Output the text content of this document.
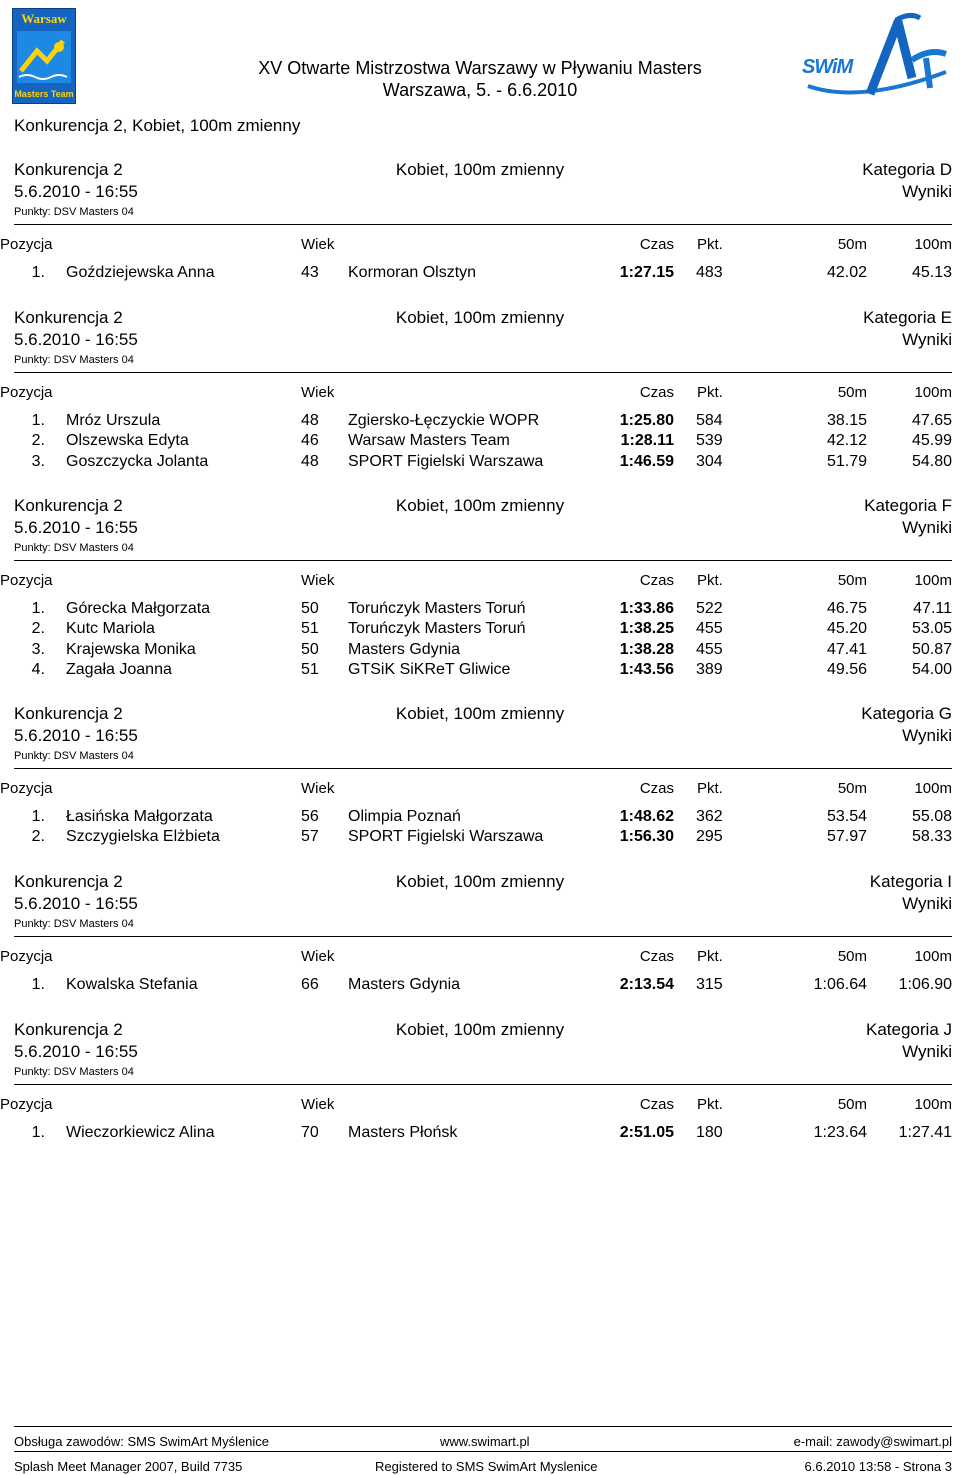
Warsaw
Masters Team
XV Otwarte Mistrzostwa Warszawy w Pływaniu Masters
Warszawa, 5. - 6.6.2010
SWiM
Konkurencja 2, Kobiet, 100m zmienny
Konkurencja 2	Kobiet, 100m zmienny	Kategoria D
5.6.2010 - 16:55	Wyniki
Punkty: DSV Masters 04
Pozycja	Wiek	Czas Pkt.	50m	100m
1. Goździejewska Anna	43 Kormoran Olsztyn	1:27.15 483	42.02	45.13
Konkurencja 2	Kobiet, 100m zmienny	Kategoria E
5.6.2010 - 16:55	Wyniki
Punkty: DSV Masters 04
Pozycja	Wiek	Czas Pkt.	50m	100m
1. Mróz Urszula	48 Zgiersko-Łęczyckie WOPR	1:25.80 584	38.15	47.65
2. Olszewska Edyta	46 Warsaw Masters Team	1:28.11 539	42.12	45.99
3. Goszczycka Jolanta	48 SPORT Figielski Warszawa	1:46.59 304	51.79	54.80
Konkurencja 2	Kobiet, 100m zmienny	Kategoria F
5.6.2010 - 16:55	Wyniki
Punkty: DSV Masters 04
Pozycja	Wiek	Czas Pkt.	50m	100m
1. Górecka Małgorzata	50 Toruńczyk Masters Toruń	1:33.86 522	46.75	47.11
2. Kutc Mariola	51 Toruńczyk Masters Toruń	1:38.25 455	45.20	53.05
3. Krajewska Monika	50 Masters Gdynia	1:38.28 455	47.41	50.87
4. Zagała Joanna	51 GTSiK SiKReT Gliwice	1:43.56 389	49.56	54.00
Konkurencja 2	Kobiet, 100m zmienny	Kategoria G
5.6.2010 - 16:55	Wyniki
Punkty: DSV Masters 04
Pozycja	Wiek	Czas Pkt.	50m	100m
1. Łasińska Małgorzata	56 Olimpia Poznań	1:48.62 362	53.54	55.08
2. Szczygielska Elżbieta	57 SPORT Figielski Warszawa	1:56.30 295	57.97	58.33
Konkurencja 2	Kobiet, 100m zmienny	Kategoria I
5.6.2010 - 16:55	Wyniki
Punkty: DSV Masters 04
Pozycja	Wiek	Czas Pkt.	50m	100m
1. Kowalska Stefania	66 Masters Gdynia	2:13.54 315	1:06.64 1:06.90
Konkurencja 2	Kobiet, 100m zmienny	Kategoria J
5.6.2010 - 16:55	Wyniki
Punkty: DSV Masters 04
Pozycja	Wiek	Czas Pkt.	50m	100m
1. Wieczorkiewicz Alina	70 Masters Płońsk	2:51.05 180	1:23.64 1:27.41
Obsługa zawodów: SMS SwimArt Myślenice	www.swimart.pl	e-mail: zawody@swimart.pl
Splash Meet Manager 2007, Build 7735	Registered to SMS SwimArt Myslenice	6.6.2010 13:58 - Strona 3
